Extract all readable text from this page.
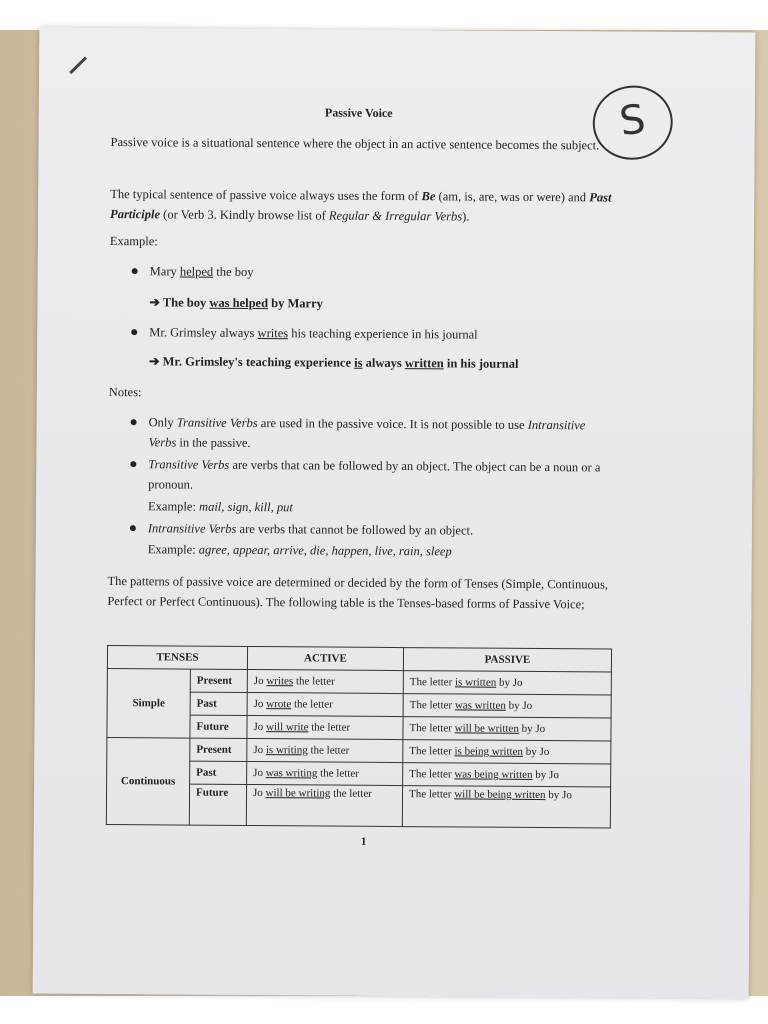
S
Passive Voice

Passive voice is a situational sentence where the object in an active sentence becomes the subject.

The typical sentence of passive voice always uses the form of Be (am, is, are, was or were) and Past Participle (or Verb 3. Kindly browse list of Regular & Irregular Verbs).

Example:
Mary helped the boy
➔ The boy was helped by Marry
Mr. Grimsley always writes his teaching experience in his journal
➔ Mr. Grimsley's teaching experience is always written in his journal
Notes:

Only Transitive Verbs are used in the passive voice. It is not possible to use Intransitive Verbs in the passive.

Transitive Verbs are verbs that can be followed by an object. The object can be a noun or a pronoun.

Example: mail, sign, kill, put
Intransitive Verbs are verbs that cannot be followed by an object.
Example: agree, appear, arrive, die, happen, live, rain, sleep

The patterns of passive voice are determined or decided by the form of Tenses (Simple, Continuous, Perfect or Perfect Continuous). The following table is the Tenses-based forms of Passive Voice;

TENSES		ACTIVE	PASSIVE
Simple	Present	Jo writes the letter	The letter is written by Jo
	Past	Jo wrote the letter	The letter was written by Jo
	Future	Jo will write the letter	The letter will be written by Jo
Continuous	Present	Jo is writing the letter	The letter is being written by Jo
	Past	Jo was writing the letter	The letter was being written by Jo
	Future	Jo will be writing the letter	The letter will be being written by Jo
1
